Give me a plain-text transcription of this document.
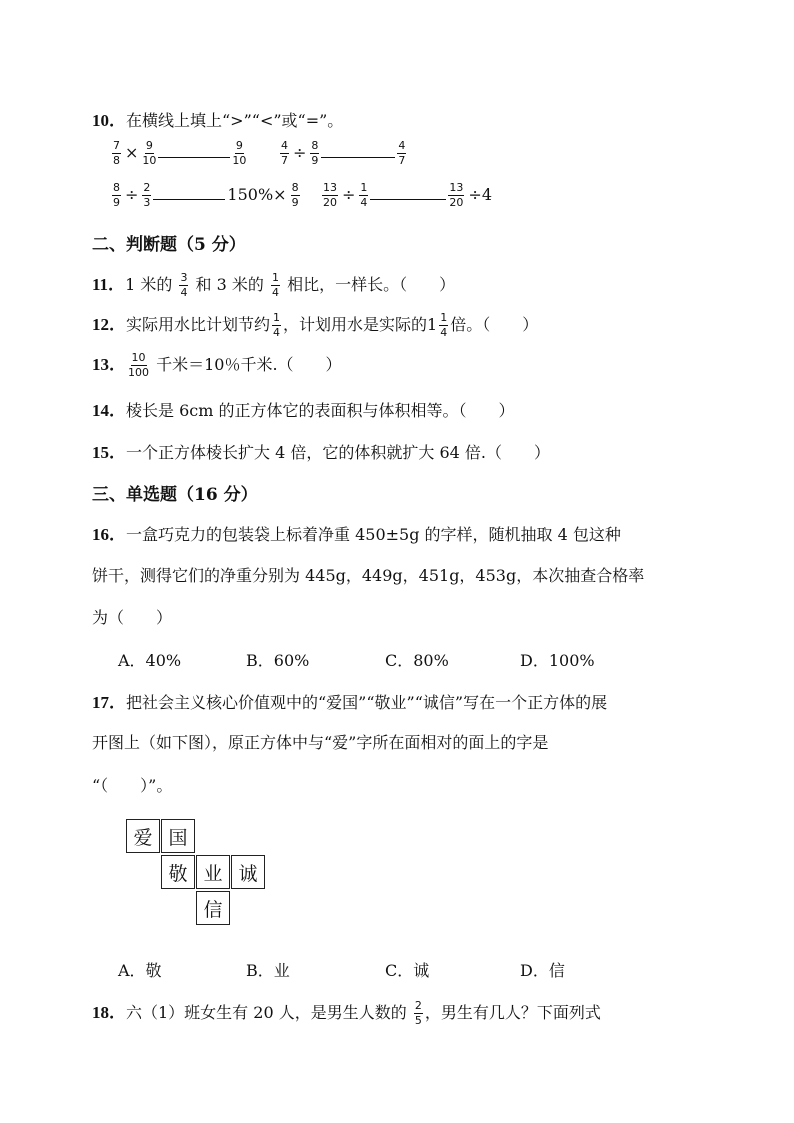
10．在横线上填上“>”“<”或“=”。
$\frac{7}{8} \times \frac{9}{10}$	$\frac{9}{10}$	$\frac{4}{7} \div \frac{8}{9}$	$\frac{4}{7}$
$\frac{8}{9} \div \frac{2}{3}$	$150\%\times \frac{8}{9} \frac{13}{20} \div \frac{1}{4}$	$\frac{13}{20} \div 4$
二、判断题（5 分）
11．1 米的 $\frac{3}{4}$ 和 3 米的 $\frac{1}{4}$ 相比，一样长。（　　）
12．实际用水比计划节约 $\frac{1}{4}$ ，计划用水是实际的$1 \frac{1}{4}$ 倍。（　　）
13． $\frac{10}{100}$ 千米＝10％千米.（　　）
14．棱长是 6cm 的正方体它的表面积与体积相等。（　　）
15．一个正方体棱长扩大 4 倍，它的体积就扩大 64 倍.（　　）
三、单选题（16 分）
16．一盒巧克力的包装袋上标着净重 450±5g 的字样，随机抽取 4 包这种
饼干，测得它们的净重分别为 445g，449g，451g，453g，本次抽查合格率
为（　　）
A．40%	B．60%	C．80%	D．100%
17．把社会主义核心价值观中的“爱国”“敬业”“诚信”写在一个正方体的展
开图上（如下图），原正方体中与“爱”字所在面相对的面上的字是
“（　　）”。
爱 国
敬 业 诚
信
A．敬	B．业	C．诚	D．信
18．六（1）班女生有 20 人，是男生人数的 $\frac{2}{5}$ ，男生有几人？下面列式
